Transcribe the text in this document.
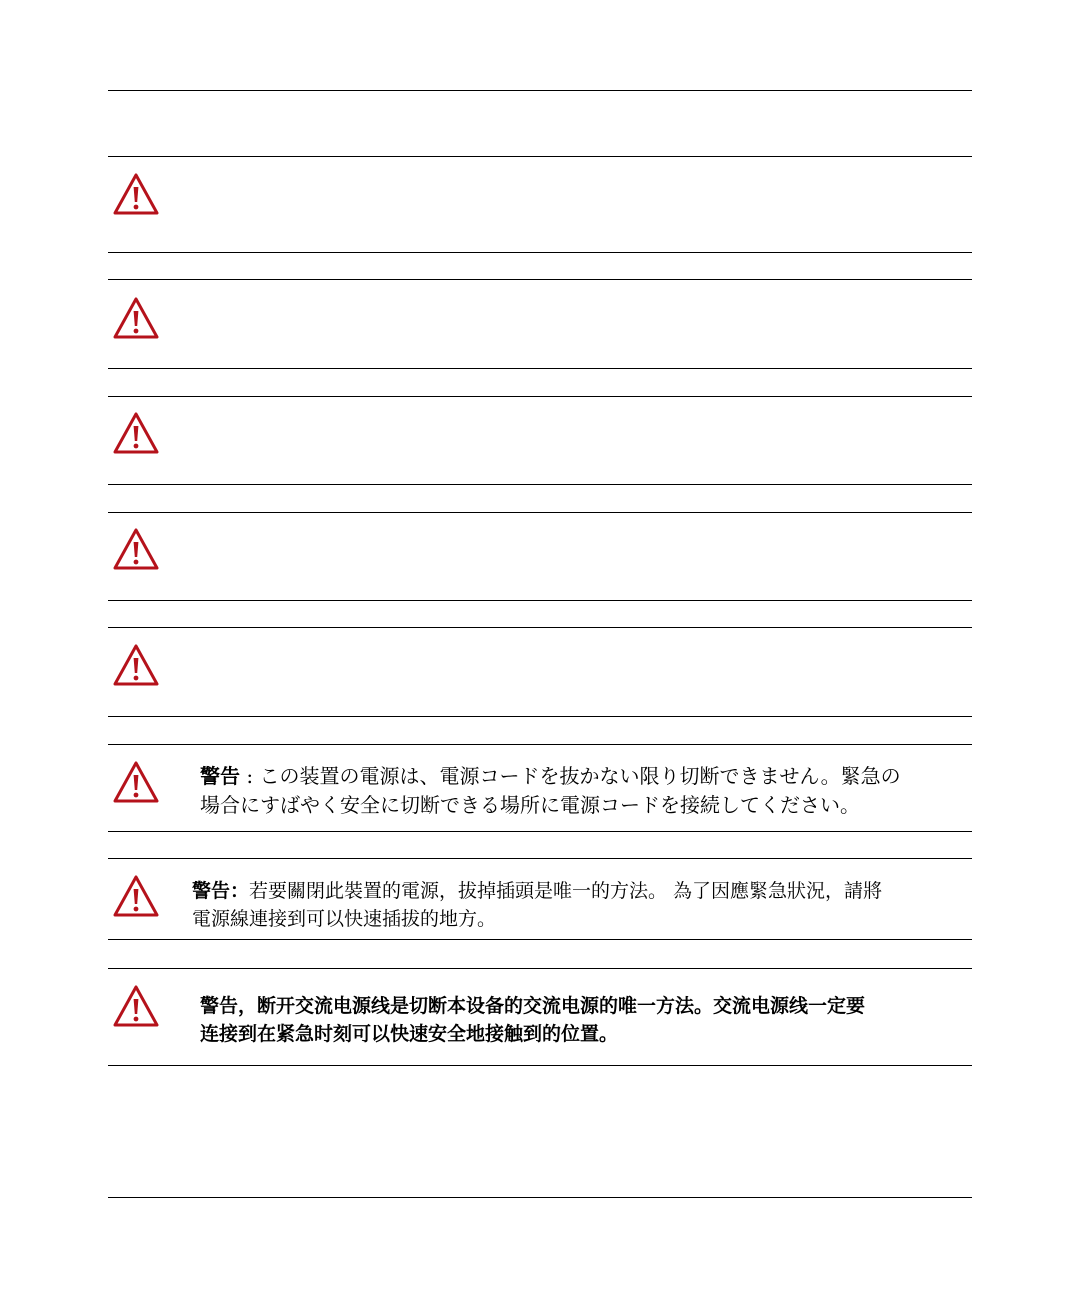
警告 : この装置の電源は、電源コードを抜かない限り切断できません。緊急の
場合にすばやく安全に切断できる場所に電源コードを接続してください。
警告：若要關閉此裝置的電源，拔掉插頭是唯一的方法。 為了因應緊急狀況，請將
電源線連接到可以快速插拔的地方。
警告，断开交流电源线是切断本设备的交流电源的唯一方法。交流电源线一定要
连接到在紧急时刻可以快速安全地接触到的位置。
